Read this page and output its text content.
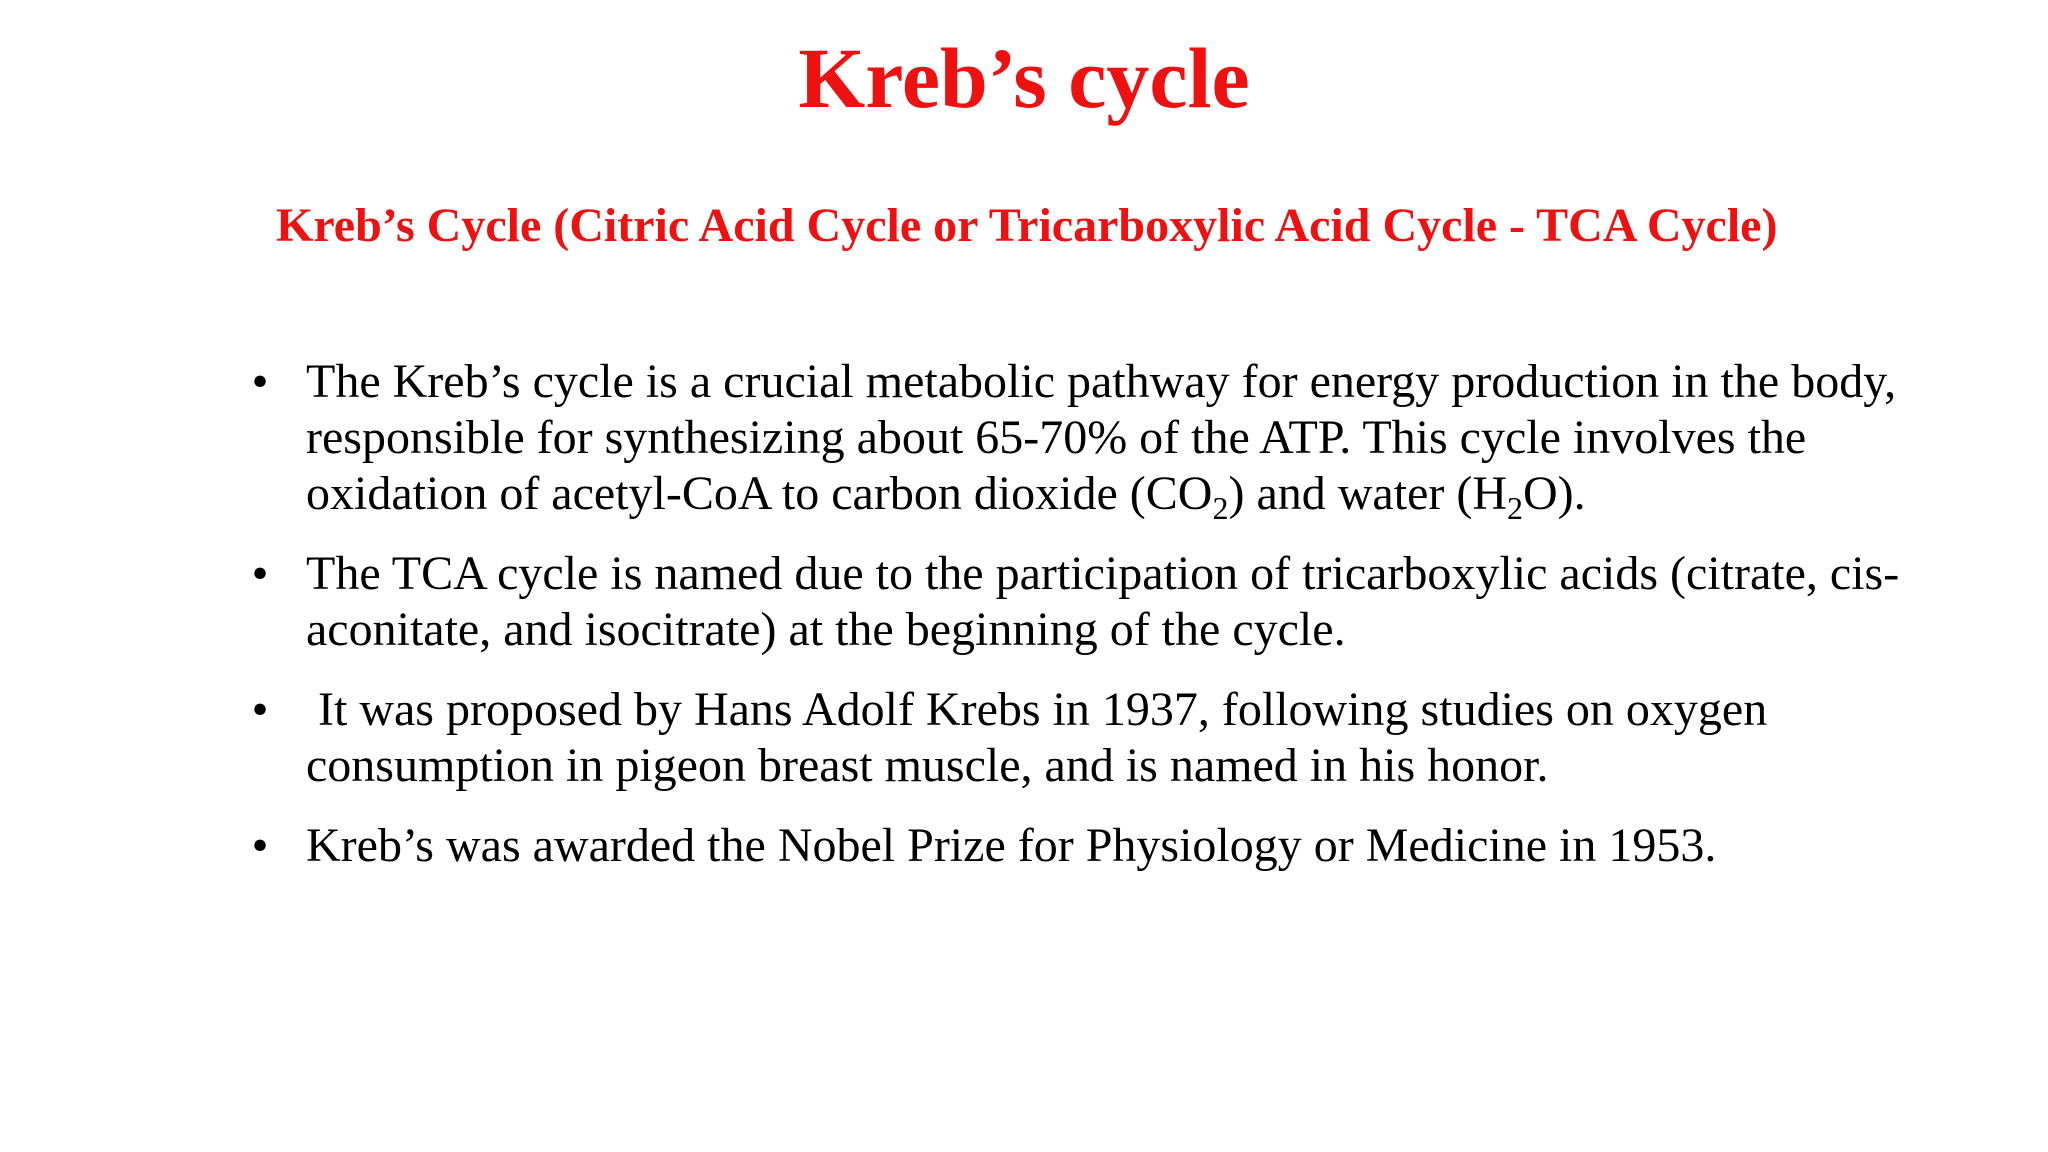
Kreb’s cycle
Kreb’s Cycle (Citric Acid Cycle or Tricarboxylic Acid Cycle - TCA Cycle)
• The Kreb’s cycle is a crucial metabolic pathway for energy production in the body, responsible for synthesizing about 65-70% of the ATP. This cycle involves the oxidation of acetyl-CoA to carbon dioxide $(CO_2)$ and water $(H_2O)$.
• The TCA cycle is named due to the participation of tricarboxylic acids (citrate, cis-aconitate, and isocitrate) at the beginning of the cycle.
• It was proposed by Hans Adolf Krebs in 1937, following studies on oxygen consumption in pigeon breast muscle, and is named in his honor.
• Kreb’s was awarded the Nobel Prize for Physiology or Medicine in 1953.
